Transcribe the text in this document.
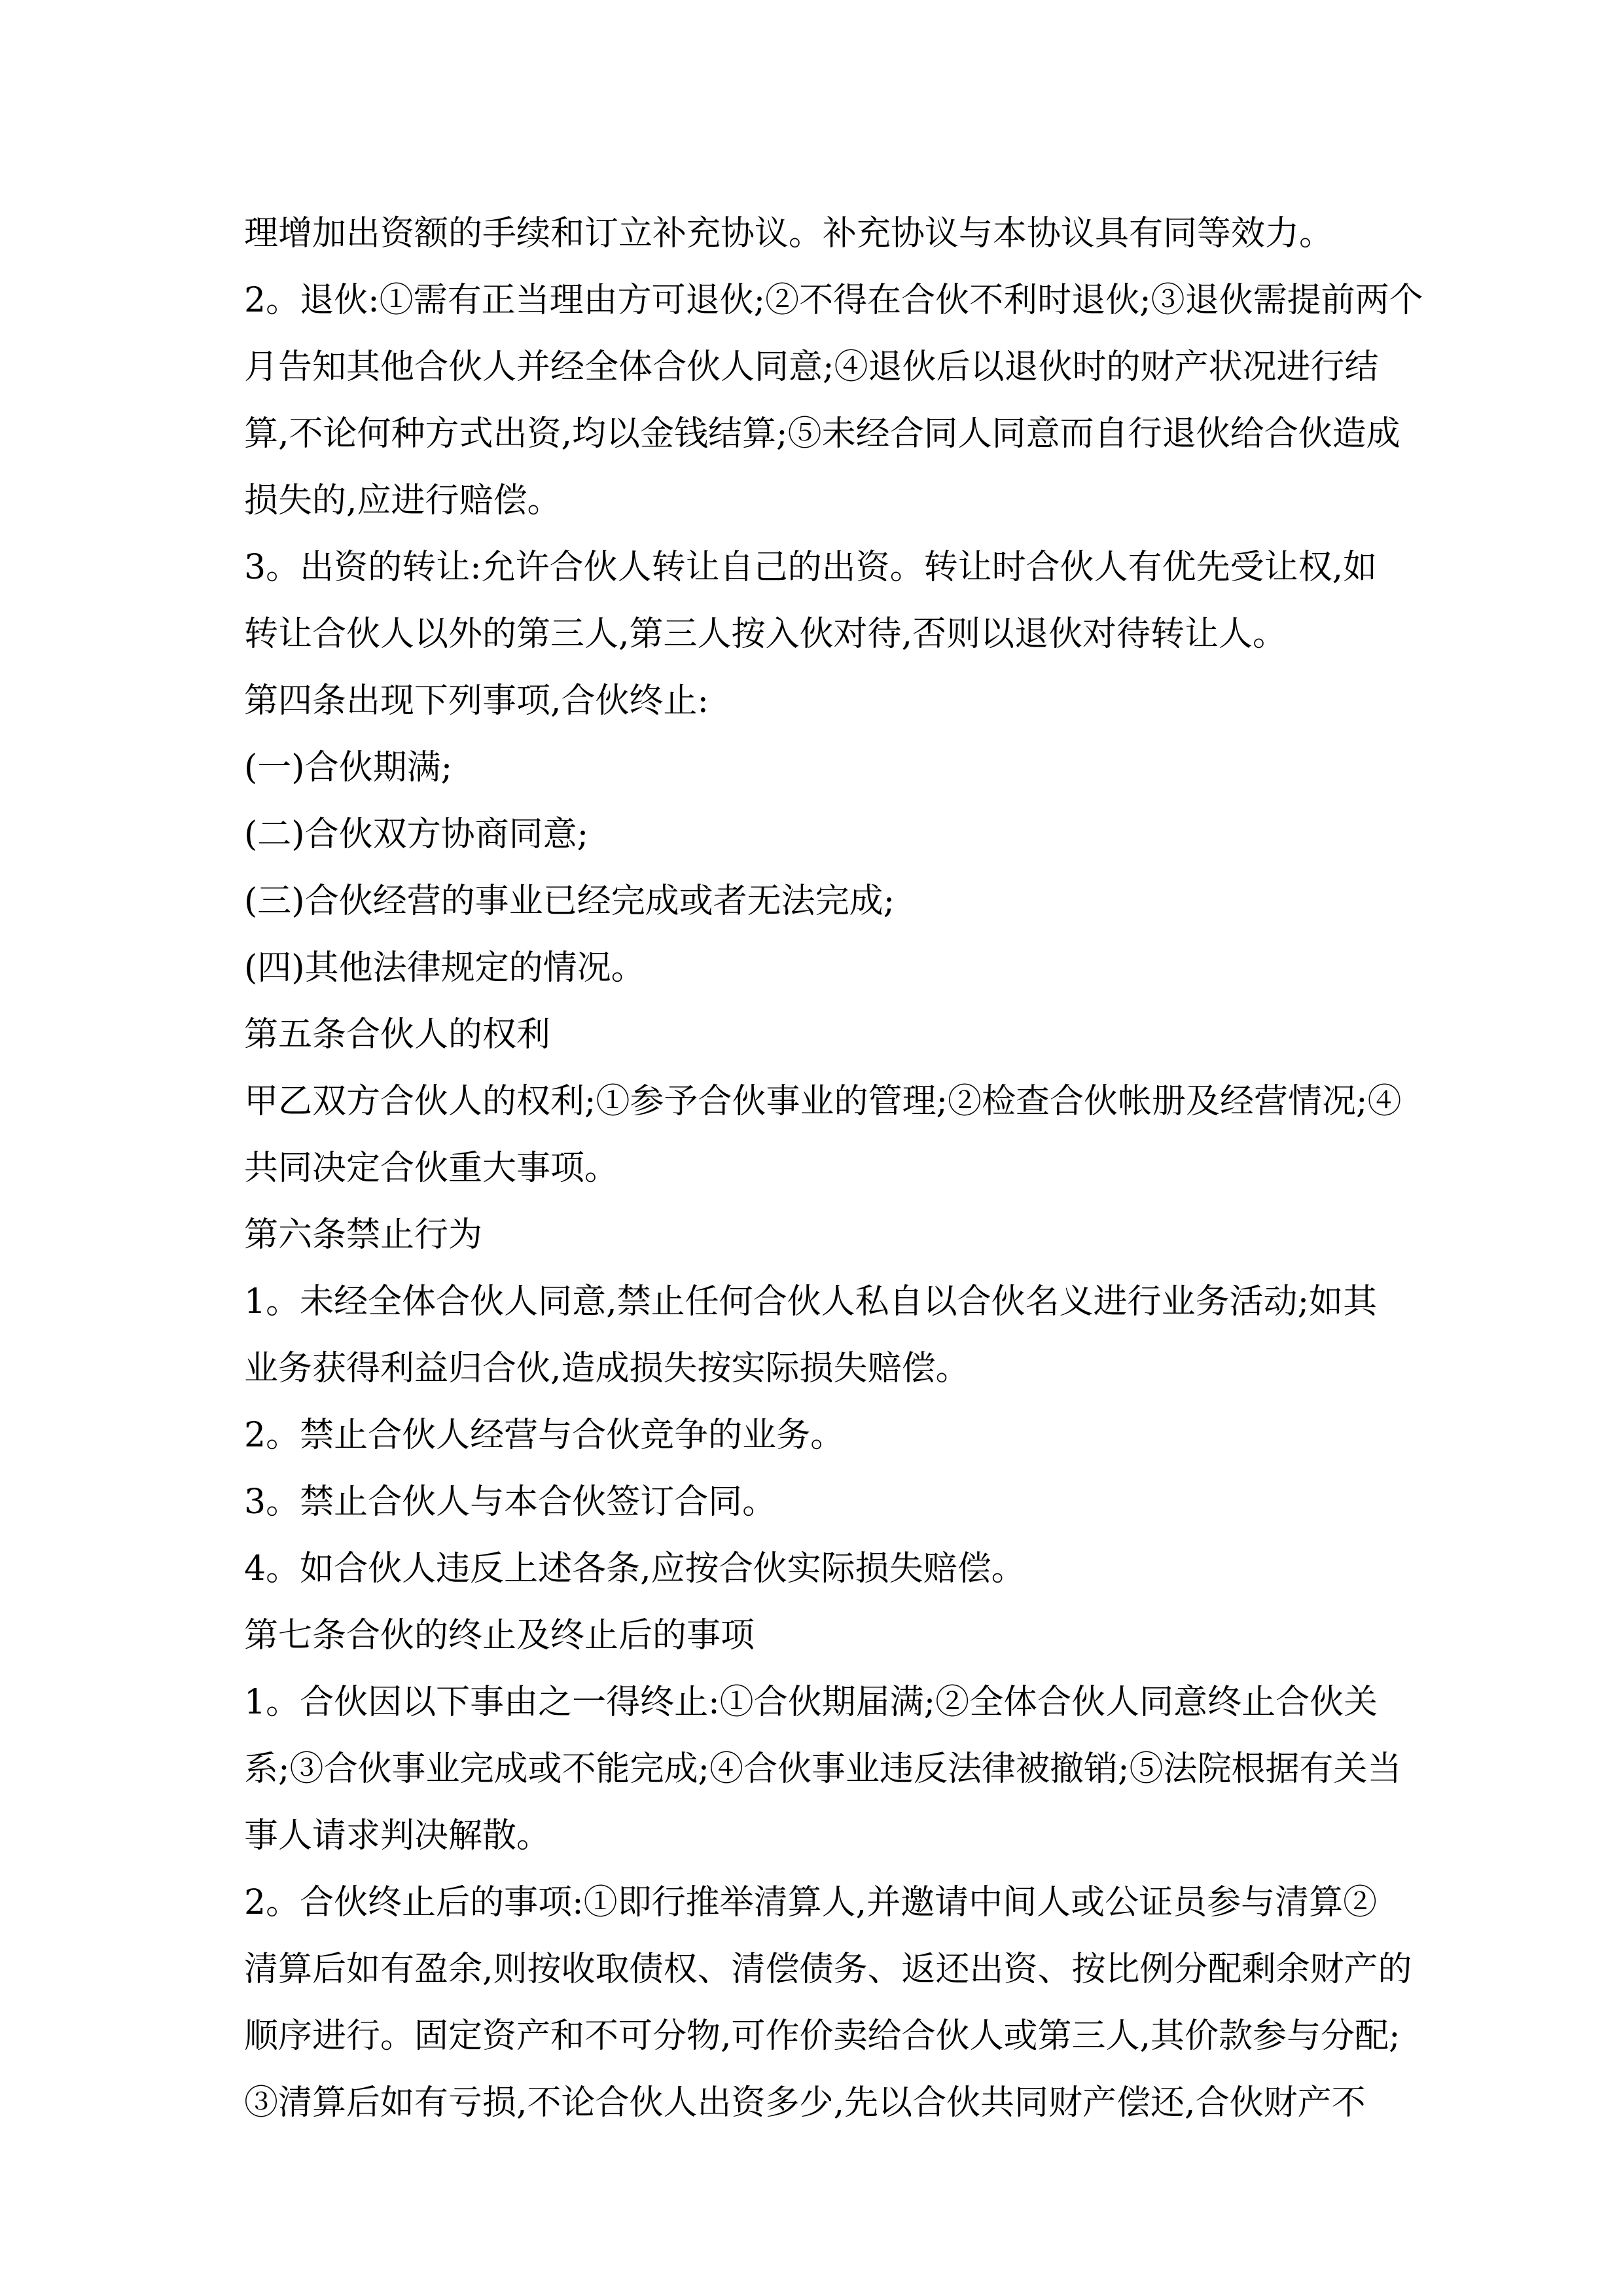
理增加出资额的手续和订立补充协议。补充协议与本协议具有同等效力。
2。退伙:①需有正当理由方可退伙;②不得在合伙不利时退伙;③退伙需提前两个
月告知其他合伙人并经全体合伙人同意;④退伙后以退伙时的财产状况进行结
算,不论何种方式出资,均以金钱结算;⑤未经合同人同意而自行退伙给合伙造成
损失的,应进行赔偿。
3。出资的转让:允许合伙人转让自己的出资。转让时合伙人有优先受让权,如
转让合伙人以外的第三人,第三人按入伙对待,否则以退伙对待转让人。
第四条出现下列事项,合伙终止:
(一)合伙期满;
(二)合伙双方协商同意;
(三)合伙经营的事业已经完成或者无法完成;
(四)其他法律规定的情况。
第五条合伙人的权利
甲乙双方合伙人的权利;①参予合伙事业的管理;②检查合伙帐册及经营情况;④
共同决定合伙重大事项。
第六条禁止行为
1。未经全体合伙人同意,禁止任何合伙人私自以合伙名义进行业务活动;如其
业务获得利益归合伙,造成损失按实际损失赔偿。
2。禁止合伙人经营与合伙竞争的业务。
3。禁止合伙人与本合伙签订合同。
4。如合伙人违反上述各条,应按合伙实际损失赔偿。
第七条合伙的终止及终止后的事项
1。合伙因以下事由之一得终止:①合伙期届满;②全体合伙人同意终止合伙关
系;③合伙事业完成或不能完成;④合伙事业违反法律被撤销;⑤法院根据有关当
事人请求判决解散。
2。合伙终止后的事项:①即行推举清算人,并邀请中间人或公证员参与清算②
清算后如有盈余,则按收取债权、清偿债务、返还出资、按比例分配剩余财产的
顺序进行。固定资产和不可分物,可作价卖给合伙人或第三人,其价款参与分配;
③清算后如有亏损,不论合伙人出资多少,先以合伙共同财产偿还,合伙财产不
